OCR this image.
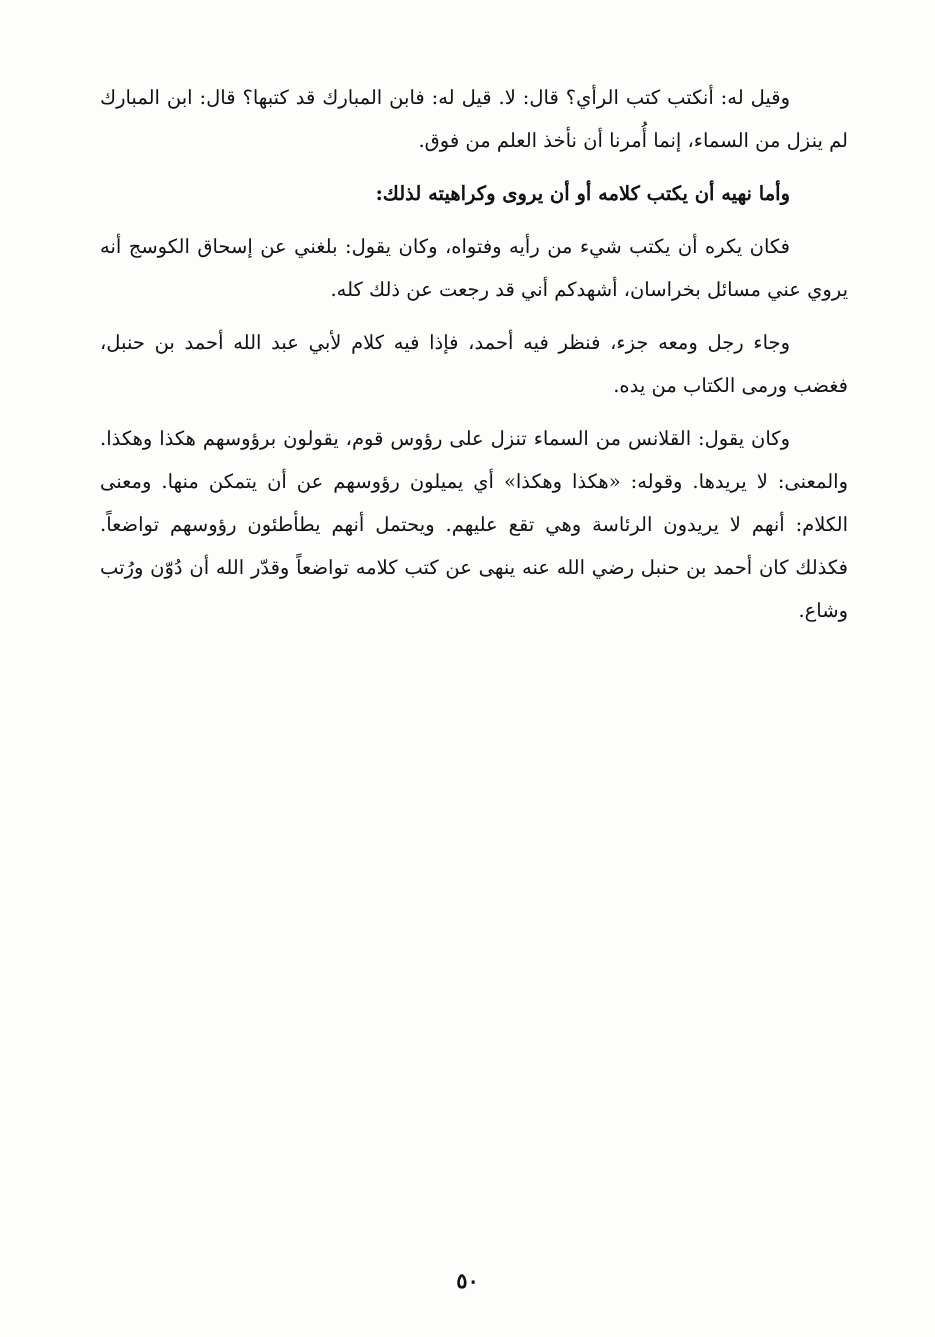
وقيل له: أنكتب كتب الرأي؟ قال: لا. قيل له: فابن المبارك قد كتبها؟ قال: ابن المبارك لم ينزل من السماء، إنما أُمرنا أن نأخذ العلم من فوق.

وأما نهيه أن يكتب كلامه أو أن يروى وكراهيته لذلك:

فكان يكره أن يكتب شيء من رأيه وفتواه، وكان يقول: بلغني عن إسحاق الكوسج أنه يروي عني مسائل بخراسان، أشهدكم أني قد رجعت عن ذلك كله.

وجاء رجل ومعه جزء، فنظر فيه أحمد، فإذا فيه كلام لأبي عبد الله أحمد بن حنبل، فغضب ورمى الكتاب من يده.

وكان يقول: القلانس من السماء تنزل على رؤوس قوم، يقولون برؤوسهم هكذا وهكذا. والمعنى: لا يريدها. وقوله: «هكذا وهكذا» أي يميلون رؤوسهم عن أن يتمكن منها. ومعنى الكلام: أنهم لا يريدون الرئاسة وهي تقع عليهم. ويحتمل أنهم يطأطئون رؤوسهم تواضعاً. فكذلك كان أحمد بن حنبل رضي الله عنه ينهى عن كتب كلامه تواضعاً وقدّر الله أن دُوّن ورُتب وشاع.

٥٠
